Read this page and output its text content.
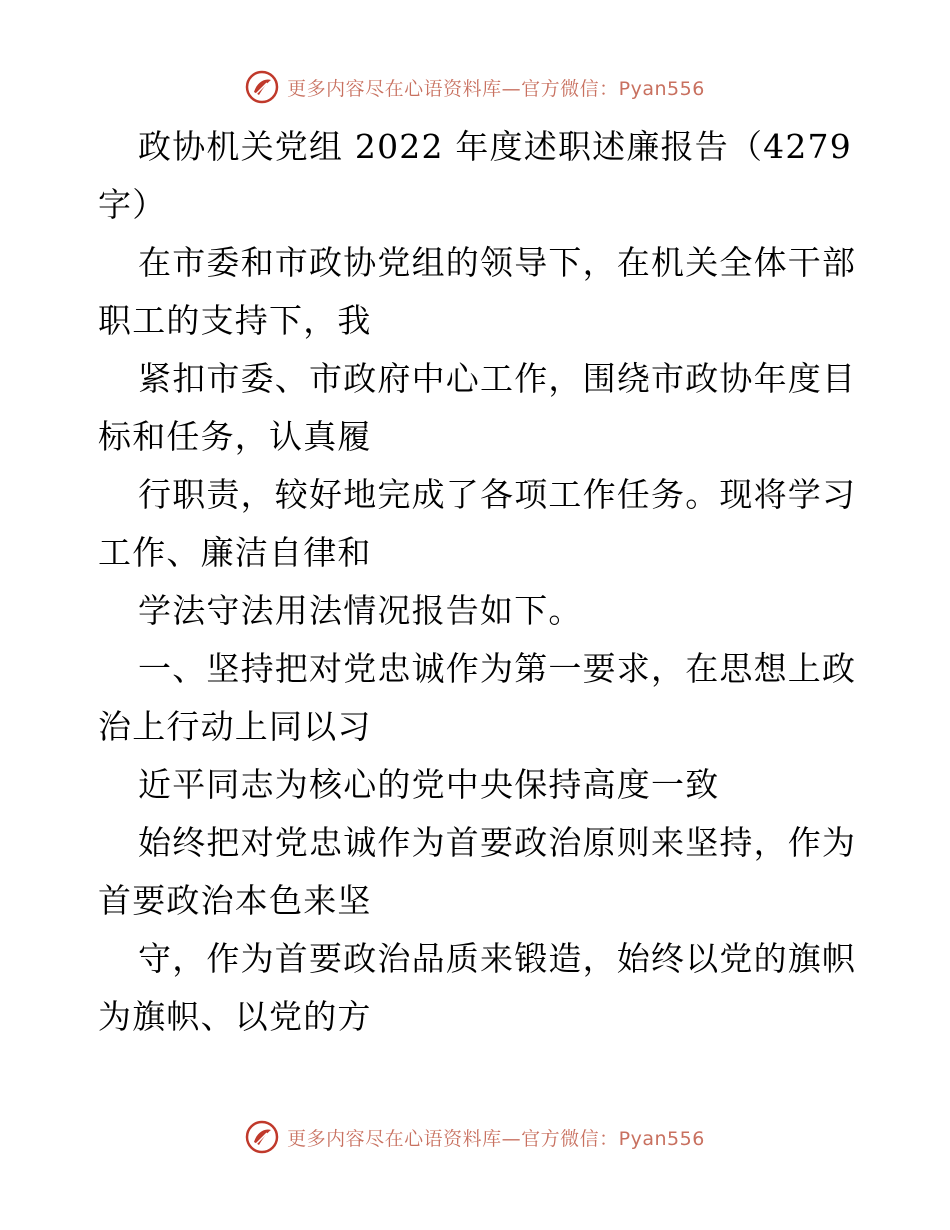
更多内容尽在心语资料库—官方微信：Pyan556

政协机关党组 2022 年度述职述廉报告（4279字）

在市委和市政协党组的领导下，在机关全体干部职工的支持下，我

紧扣市委、市政府中心工作，围绕市政协年度目标和任务，认真履

行职责，较好地完成了各项工作任务。现将学习工作、廉洁自律和

学法守法用法情况报告如下。

一、坚持把对党忠诚作为第一要求，在思想上政治上行动上同以习

近平同志为核心的党中央保持高度一致

始终把对党忠诚作为首要政治原则来坚持，作为首要政治本色来坚

守，作为首要政治品质来锻造，始终以党的旗帜为旗帜、以党的方

更多内容尽在心语资料库—官方微信：Pyan556
